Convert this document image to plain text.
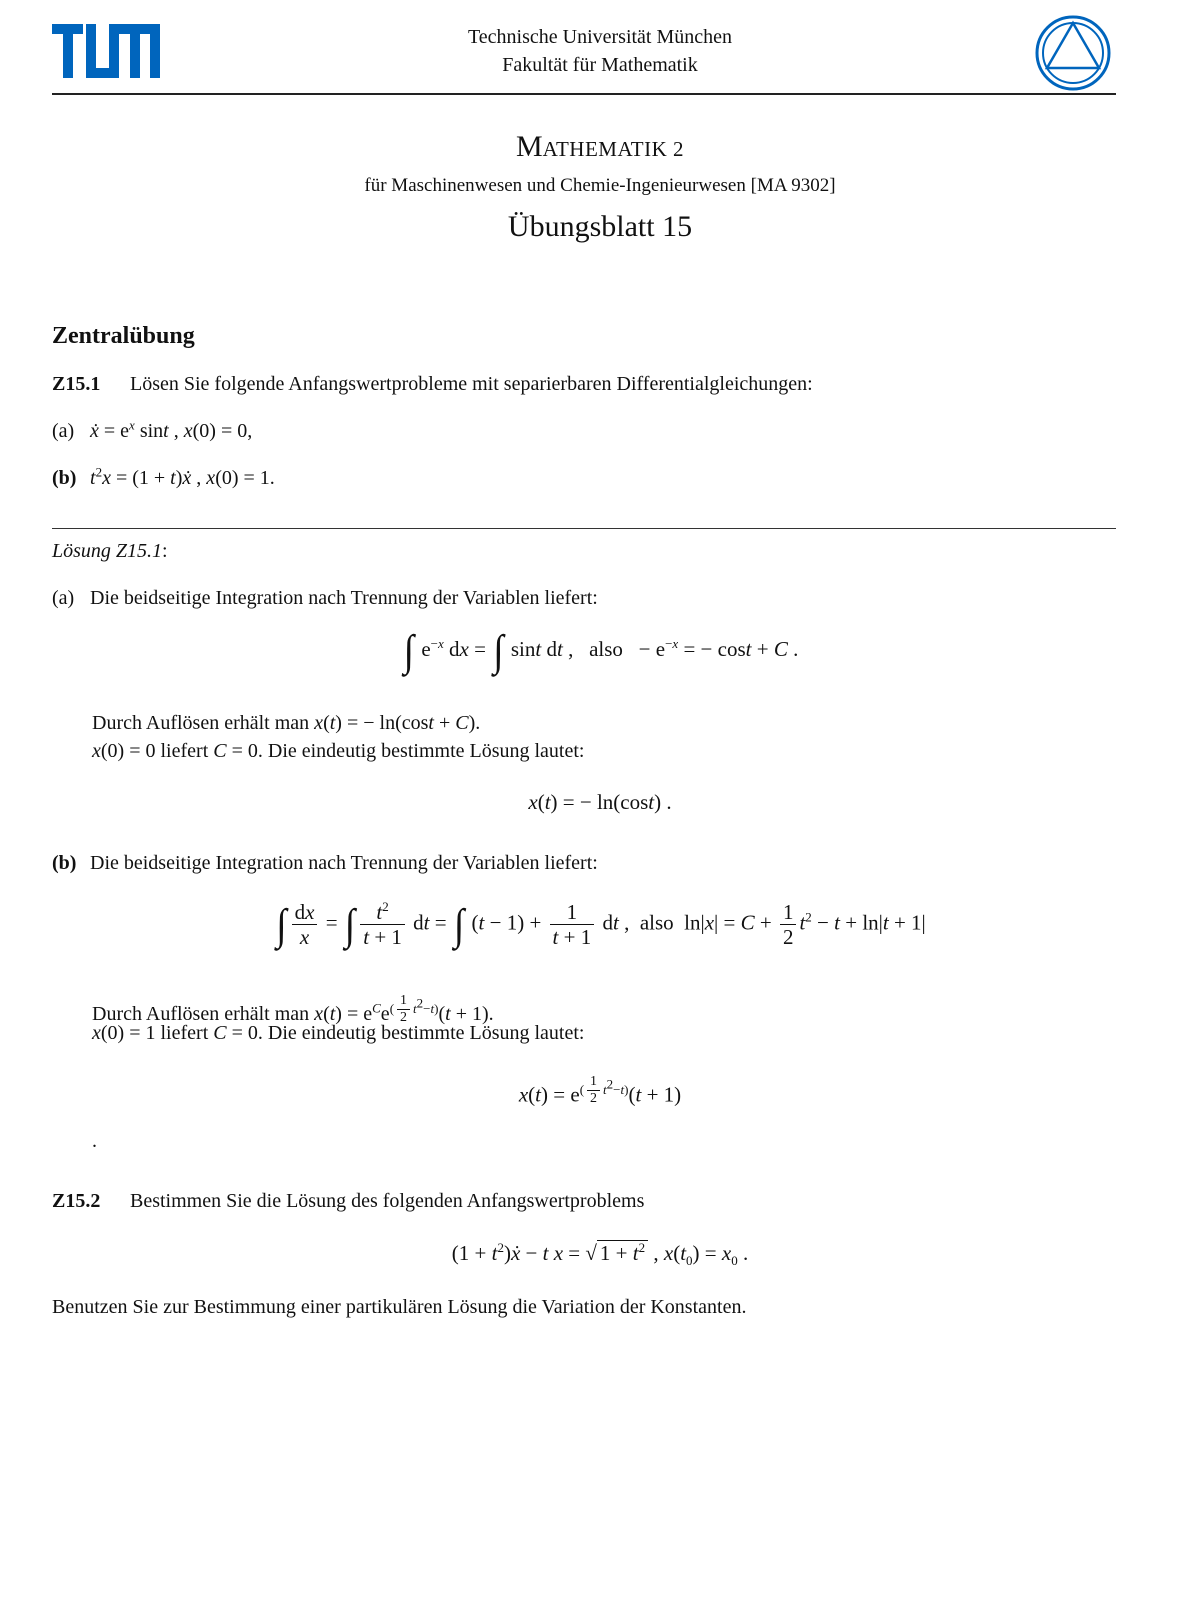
Technische Universität München
Fakultät für Mathematik
MATHEMATIK 2
für Maschinenwesen und Chemie-Ingenieurwesen [MA 9302]
Übungsblatt 15
Zentralübung
Z15.1 Lösen Sie folgende Anfangswertprobleme mit separierbaren Differentialgleichungen:
(a) ẋ = $e^x$ sint , x(0) = 0,
(b) $t^2x = (1$ + t)ẋ , x(0) = 1.
Lösung Z15.1:
(a) Die beidseitige Integration nach Trennung der Variablen liefert:
∫ $e^{-x}$ dx = ∫ sint dt ,   also   − $e^{-x}$ = − cost + C .
Durch Auflösen erhält man x(t) = − ln(cost + C).
x(0) = 0 liefert C = 0. Die eindeutig bestimmte Lösung lautet:
x(t) = − ln(cost) .
(b) Die beidseitige Integration nach Trennung der Variablen liefert:
∫ $\frac{dx}{x}$ = ∫ $\frac{t^2}{t + 1}$ dt = ∫ $(t - 1) + \frac{1}{t + 1}$ dt ,  also  $\ln|x| = C + \frac{1}{2} t^2 - t + \ln|t + 1|$
Durch Auflösen erhält man $x(t) = e^Ce^{( \frac{1}{2} t^2-t)}(t + 1)$.
x(0) = 1 liefert C = 0. Die eindeutig bestimmte Lösung lautet:
$x(t) = e^{( \frac{1}{2} t^2-t)}(t + 1)$
.
Z15.2 Bestimmen Sie die Lösung des folgenden Anfangswertproblems
$(1 + t^2)ẋ - t$ x = √ $1 + t^2$ , $x(t_0) = x_0$ .
Benutzen Sie zur Bestimmung einer partikulären Lösung die Variation der Konstanten.
